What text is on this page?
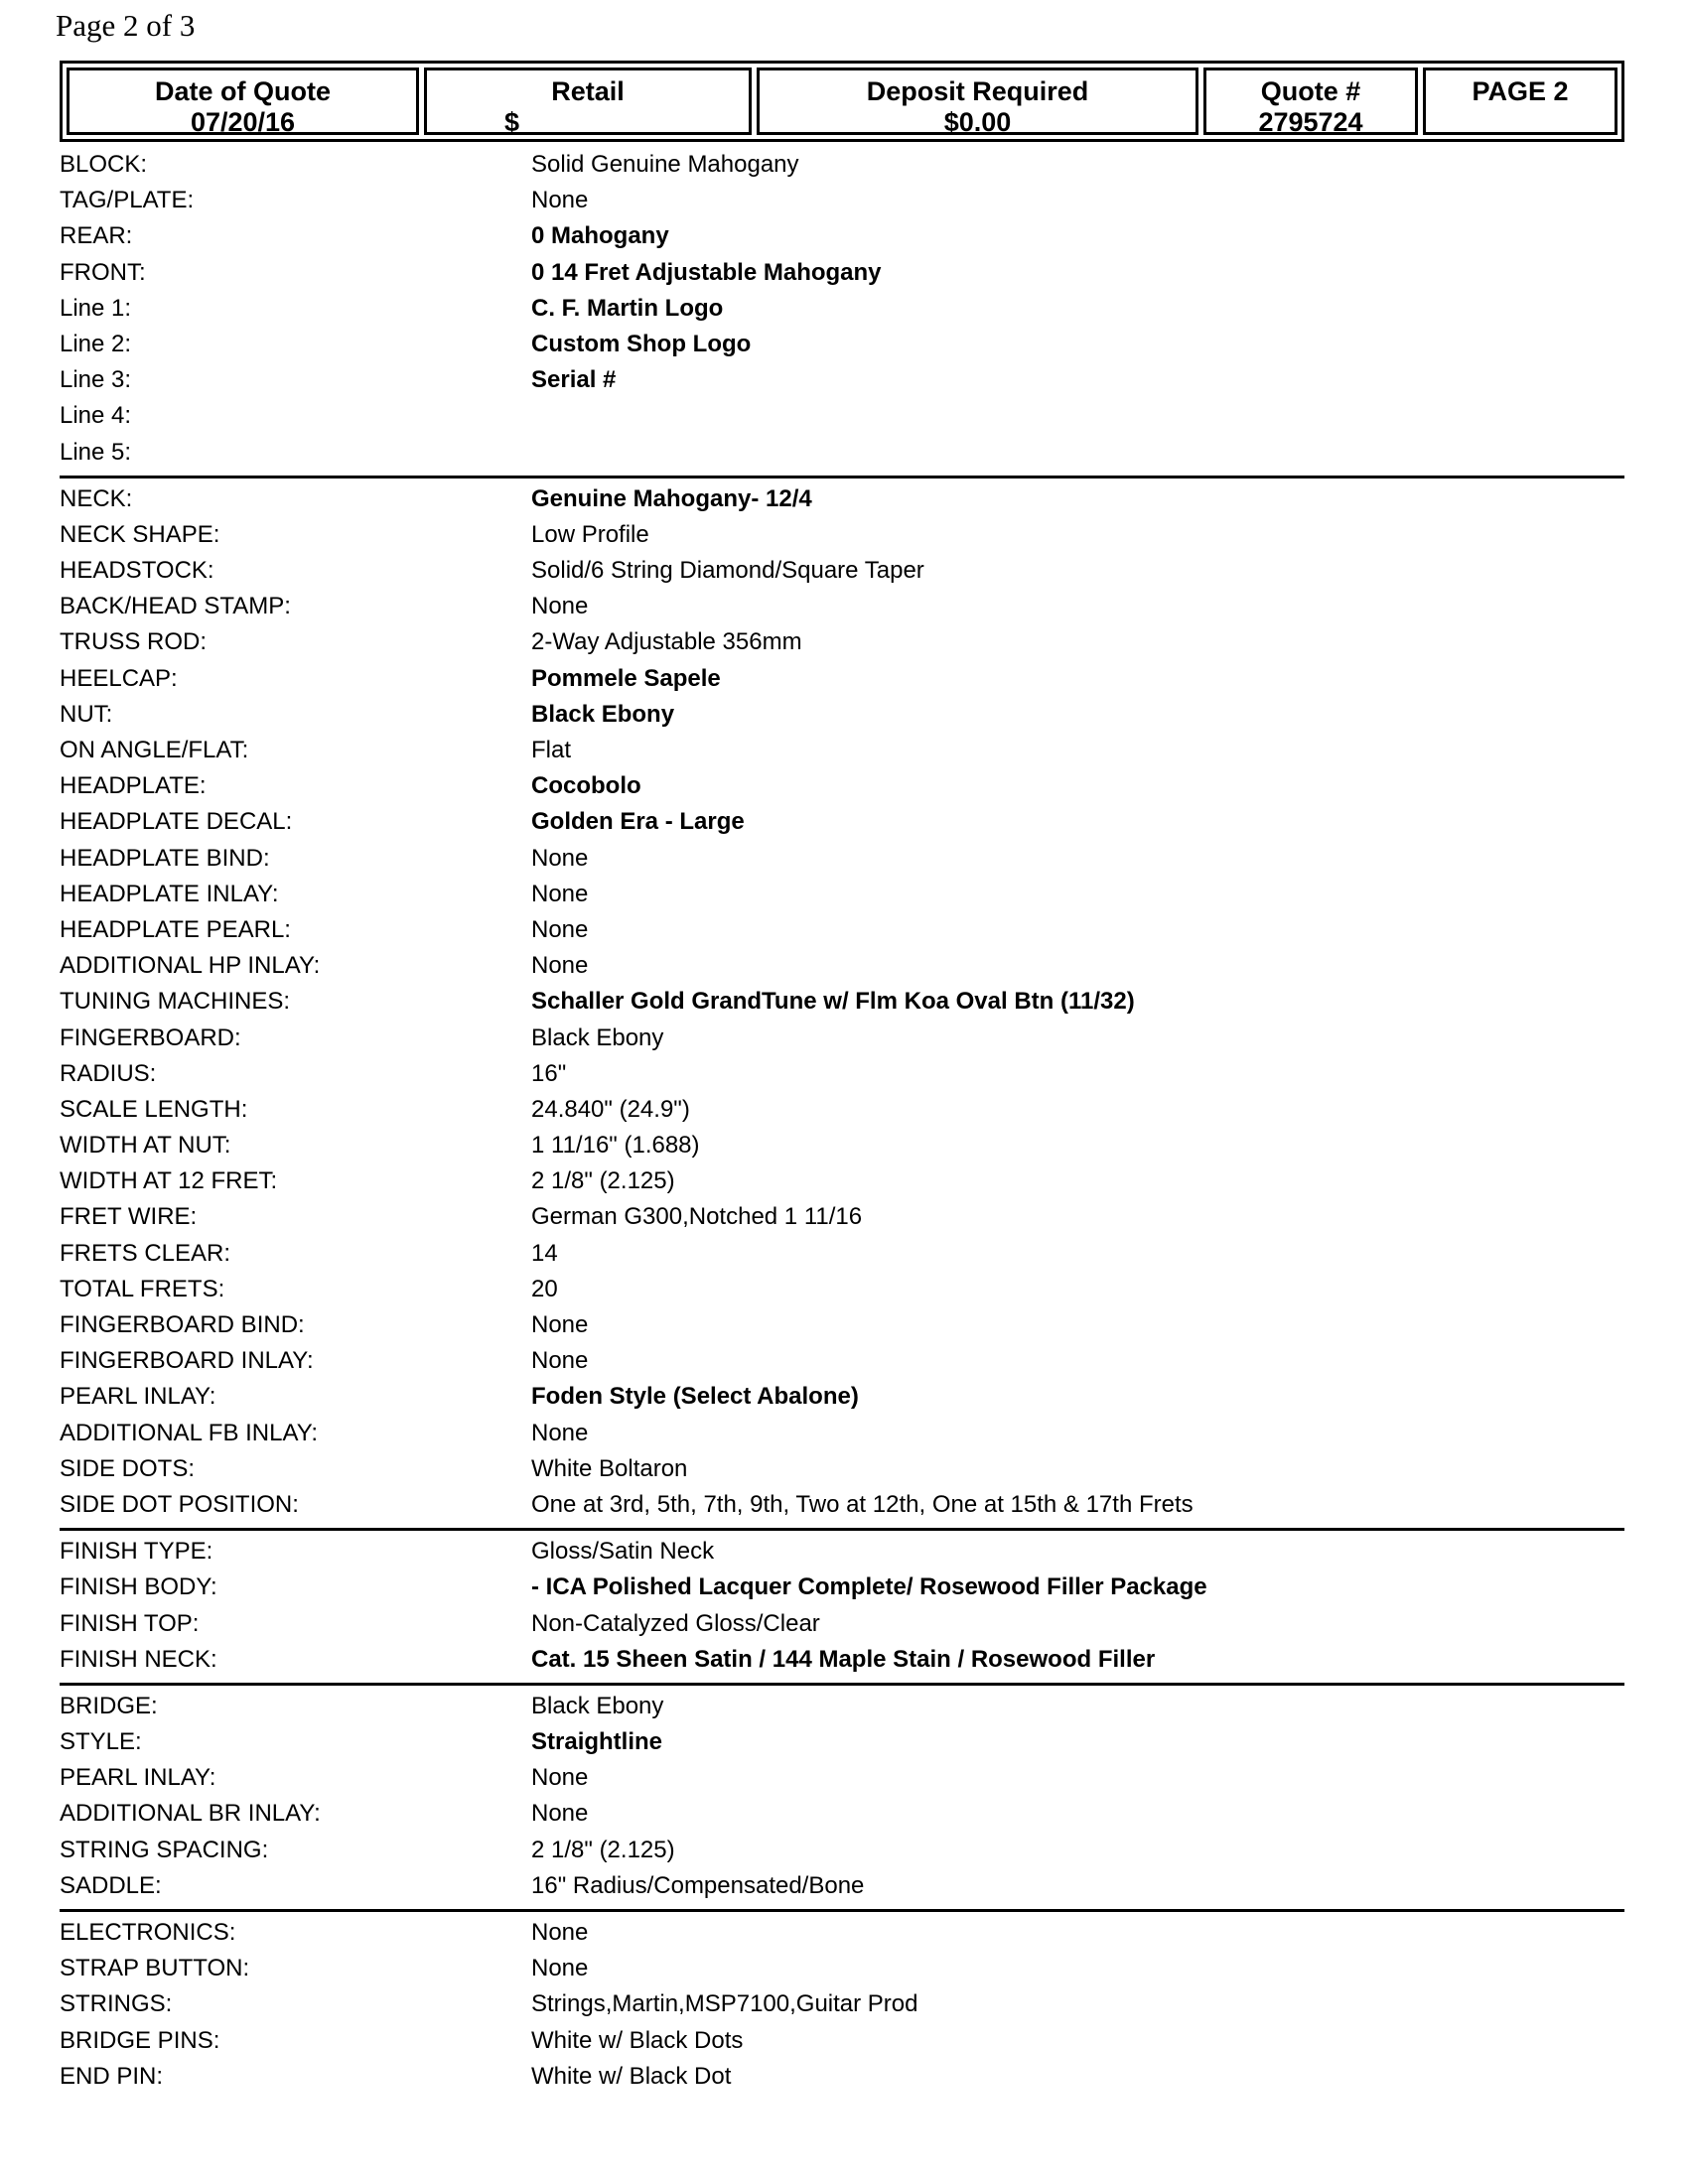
Page 2 of 3
Date of Quote
07/20/16
Retail
$
Deposit Required
$0.00
Quote #
2795724
PAGE 2
BLOCK:	Solid Genuine Mahogany
TAG/PLATE:	None
REAR:	0 Mahogany
FRONT:	0 14 Fret Adjustable Mahogany
Line 1:	C. F. Martin Logo
Line 2:	Custom Shop Logo
Line 3:	Serial #
Line 4:
Line 5:
NECK:	Genuine Mahogany- 12/4
NECK SHAPE:	Low Profile
HEADSTOCK:	Solid/6 String Diamond/Square Taper
BACK/HEAD STAMP:	None
TRUSS ROD:	2-Way Adjustable 356mm
HEELCAP:	Pommele Sapele
NUT:	Black Ebony
ON ANGLE/FLAT:	Flat
HEADPLATE:	Cocobolo
HEADPLATE DECAL:	Golden Era - Large
HEADPLATE BIND:	None
HEADPLATE INLAY:	None
HEADPLATE PEARL:	None
ADDITIONAL HP INLAY:	None
TUNING MACHINES:	Schaller Gold GrandTune w/ Flm Koa Oval Btn (11/32)
FINGERBOARD:	Black Ebony
RADIUS:	16"
SCALE LENGTH:	24.840" (24.9")
WIDTH AT NUT:	1 11/16" (1.688)
WIDTH AT 12 FRET:	2 1/8" (2.125)
FRET WIRE:	German G300,Notched 1 11/16
FRETS CLEAR:	14
TOTAL FRETS:	20
FINGERBOARD BIND:	None
FINGERBOARD INLAY:	None
PEARL INLAY:	Foden Style (Select Abalone)
ADDITIONAL FB INLAY:	None
SIDE DOTS:	White Boltaron
SIDE DOT POSITION:	One at 3rd, 5th, 7th, 9th, Two at 12th, One at 15th & 17th Frets
FINISH TYPE:	Gloss/Satin Neck
FINISH BODY:	- ICA Polished Lacquer Complete/ Rosewood Filler Package
FINISH TOP:	Non-Catalyzed Gloss/Clear
FINISH NECK:	Cat. 15 Sheen Satin / 144 Maple Stain / Rosewood Filler
BRIDGE:	Black Ebony
STYLE:	Straightline
PEARL INLAY:	None
ADDITIONAL BR INLAY:	None
STRING SPACING:	2 1/8" (2.125)
SADDLE:	16" Radius/Compensated/Bone
ELECTRONICS:	None
STRAP BUTTON:	None
STRINGS:	Strings,Martin,MSP7100,Guitar Prod
BRIDGE PINS:	White w/ Black Dots
END PIN:	White w/ Black Dot
